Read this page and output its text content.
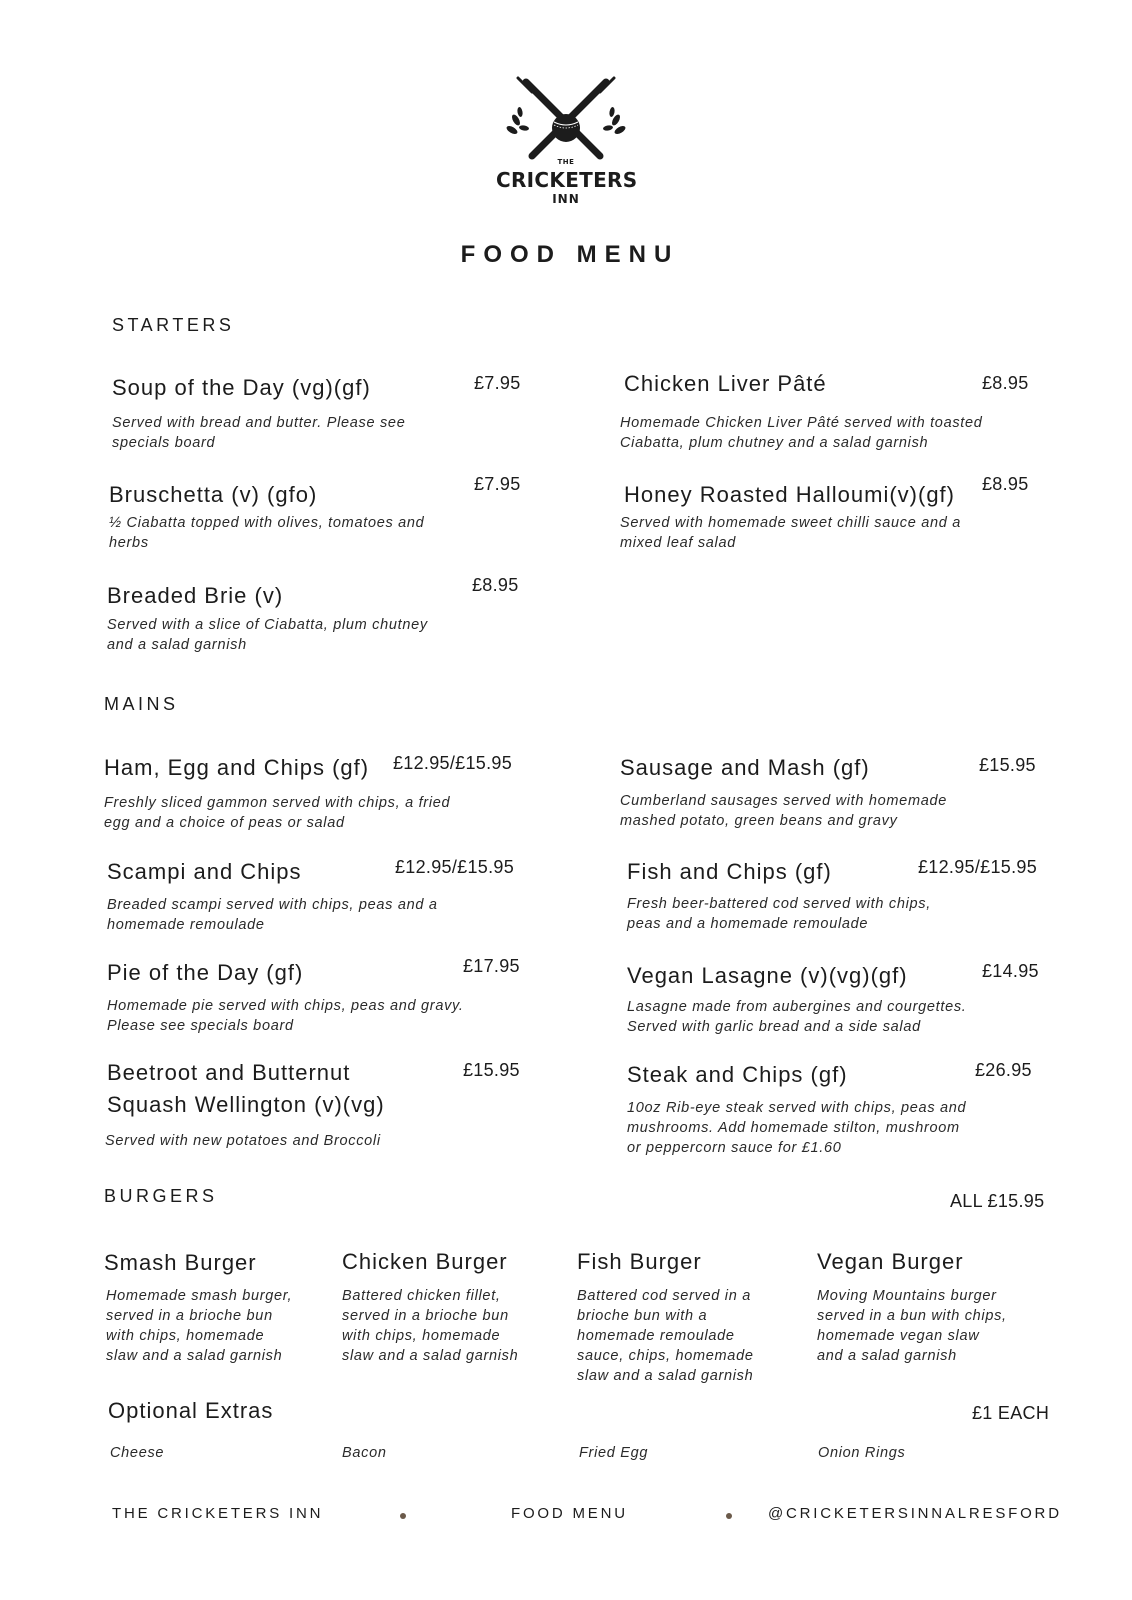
THE
CRICKETERS
INN
FOOD MENU
STARTERS
Soup of the Day (vg)(gf)	£7.95
Served with bread and butter. Please see
specials board
Bruschetta (v) (gfo)	£7.95
½ Ciabatta topped with olives, tomatoes and
herbs
Breaded Brie (v)	£8.95
Served with a slice of Ciabatta, plum chutney
and a salad garnish
Chicken Liver Pâté	£8.95
Homemade Chicken Liver Pâté served with toasted
Ciabatta, plum chutney and a salad garnish
Honey Roasted Halloumi(v)(gf) £8.95
Served with homemade sweet chilli sauce and a
mixed leaf salad
MAINS
Ham, Egg and Chips (gf) £12.95/£15.95
Freshly sliced gammon served with chips, a fried
egg and a choice of peas or salad
Scampi and Chips	£12.95/£15.95
Breaded scampi served with chips, peas and a
homemade remoulade
Pie of the Day (gf)	£17.95
Homemade pie served with chips, peas and gravy.
Please see specials board
Beetroot and Butternut
Squash Wellington (v)(vg)
£15.95
Served with new potatoes and Broccoli
Sausage and Mash (gf)	£15.95
Cumberland sausages served with homemade
mashed potato, green beans and gravy
Fish and Chips (gf)	£12.95/£15.95
Fresh beer-battered cod served with chips,
peas and a homemade remoulade
Vegan Lasagne (v)(vg)(gf)	£14.95
Lasagne made from aubergines and courgettes.
Served with garlic bread and a side salad
Steak and Chips (gf)	£26.95
10oz Rib-eye steak served with chips, peas and
mushrooms. Add homemade stilton, mushroom
or peppercorn sauce for £1.60
BURGERS	ALL £15.95
Smash Burger
Homemade smash burger,
served in a brioche bun
with chips, homemade
slaw and a salad garnish
Chicken Burger
Battered chicken fillet,
served in a brioche bun
with chips, homemade
slaw and a salad garnish
Fish Burger
Battered cod served in a
brioche bun with a
homemade remoulade
sauce, chips, homemade
slaw and a salad garnish
Vegan Burger
Moving Mountains burger
served in a bun with chips,
homemade vegan slaw
and a salad garnish
Optional Extras	£1 EACH
Cheese	Bacon	Fried Egg	Onion Rings
THE CRICKETERS INN	FOOD MENU	@CRICKETERSINNALRESFORD
